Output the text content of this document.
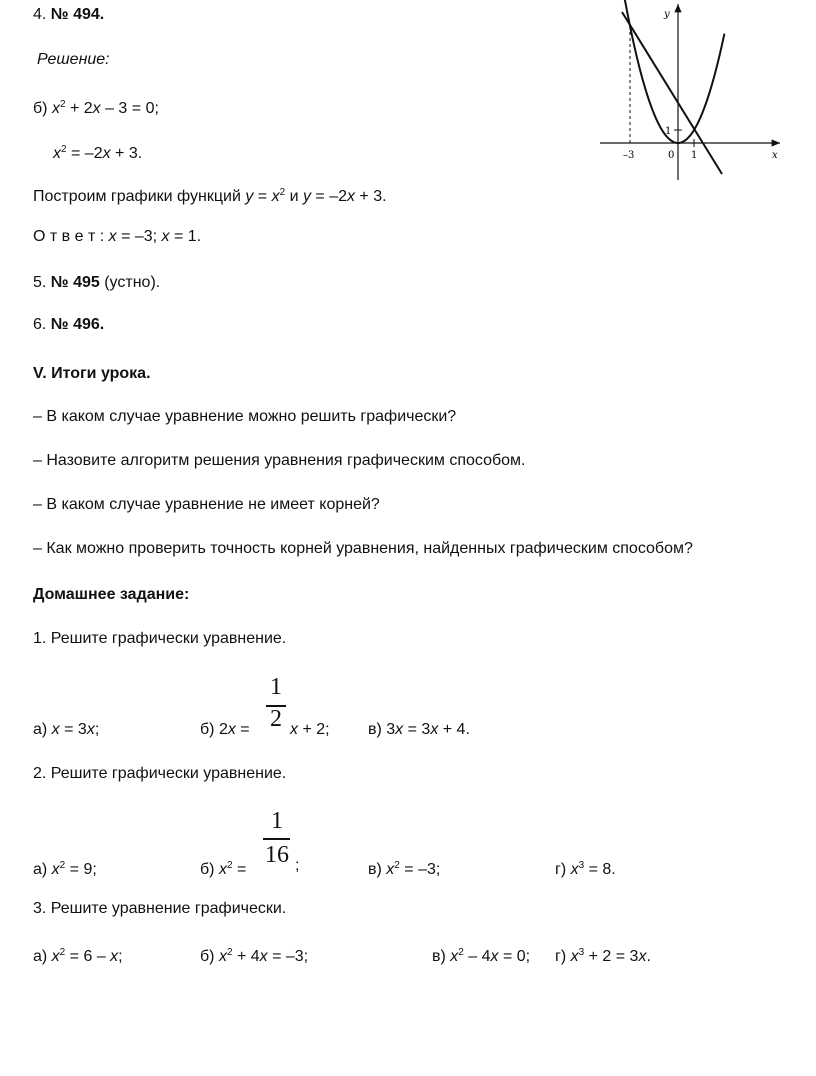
4. № 494.
Решение:
б) $x^2 + 2x - 3 = 0$;
$x^2 = -2x + 3$.
Построим графики функций $y = x^2$ и y = –2x + 3.
О т в е т : x = –3; x = 1.
5. № 495 (устно).
6. № 496.
V. Итоги урока.
– В каком случае уравнение можно решить графически?
– Назовите алгоритм решения уравнения графическим способом.
– В каком случае уравнение не имеет корней?
– Как можно проверить точность корней уравнения, найденных графическим способом?
Домашнее задание:
1. Решите графически уравнение.
а) x = 3x;	б) 2x =
1
2 x + 2; в) 3x = 3x + 4.
2. Решите графически уравнение.
а) $x^2 = 9$;	б) $x^2$ =
1
16 ;	в) $x^2 = -3$;	г) $x^3 = 8$.
3. Решите уравнение графически.
а) $x^2 = 6 - x$;	б) $x^2 + 4x = -3$;	в) $x^2 - 4x = 0$; г) $x^3 + 2 = 3x$.
y
x
–3	0 1
1
